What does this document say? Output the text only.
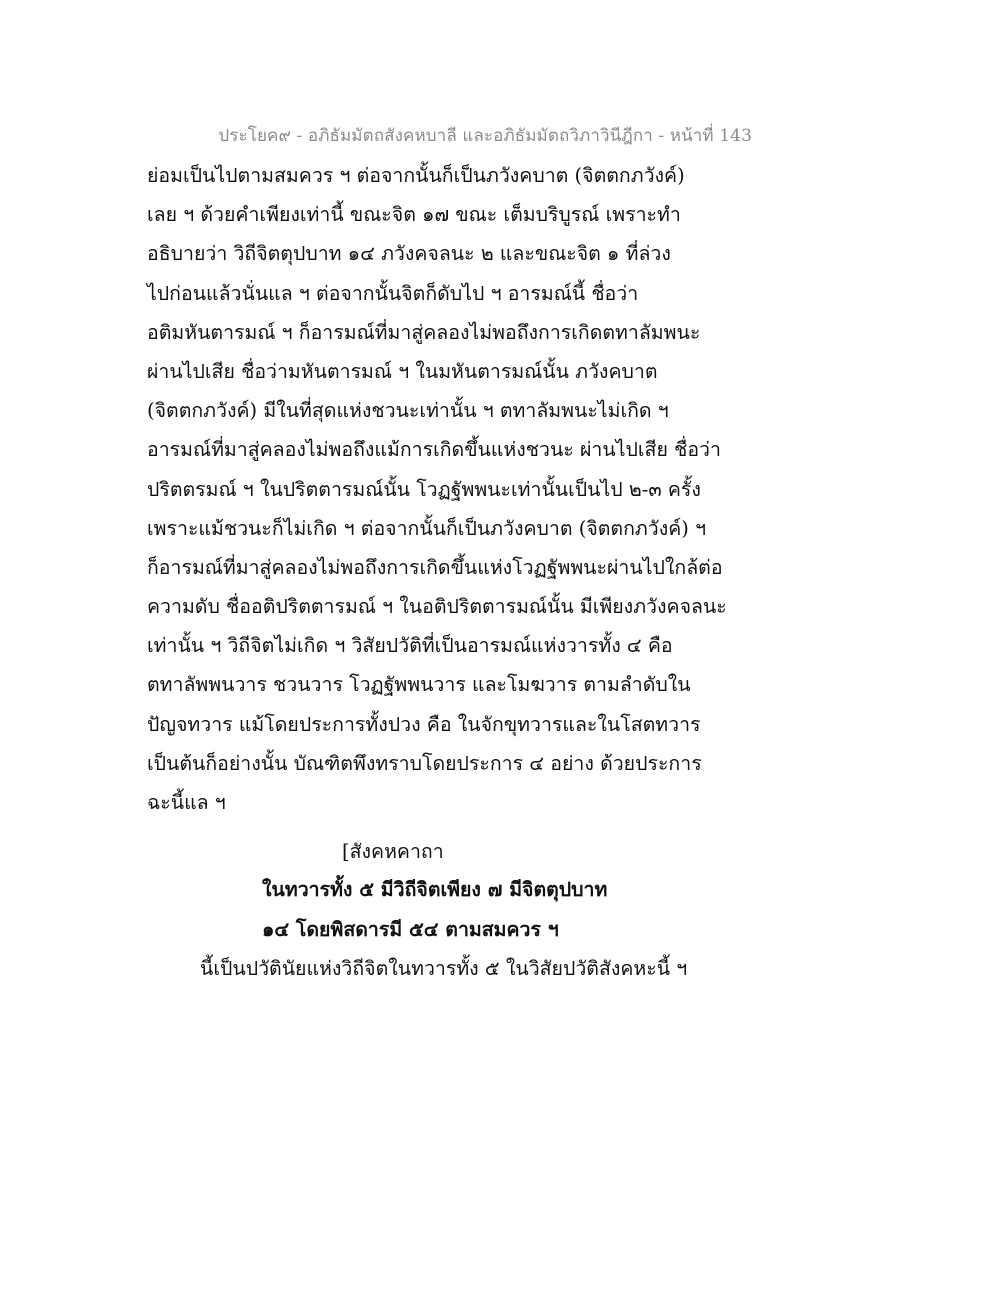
ประโยค๙ - อภิธัมมัตถสังคหบาลี และอภิธัมมัตถวิภาวินีฎีกา - หน้าที่ 143
ย่อมเป็นไปตามสมควร ฯ ต่อจากนั้นก็เป็นภวังคบาต (จิตตกภวังค์)
เลย ฯ ด้วยคำเพียงเท่านี้ ขณะจิต ๑๗ ขณะ เต็มบริบูรณ์ เพราะทำ
อธิบายว่า วิถีจิตตุปบาท ๑๔ ภวังคจลนะ ๒ และขณะจิต ๑ ที่ล่วง
ไปก่อนแล้วนั่นแล ฯ ต่อจากนั้นจิตก็ดับไป ฯ อารมณ์นี้ ชื่อว่า
อติมหันตารมณ์ ฯ ก็อารมณ์ที่มาสู่คลองไม่พอถึงการเกิดตทาลัมพนะ
ผ่านไปเสีย ชื่อว่ามหันตารมณ์ ฯ ในมหันตารมณ์นั้น ภวังคบาต
(จิตตกภวังค์) มีในที่สุดแห่งชวนะเท่านั้น ฯ ตทาลัมพนะไม่เกิด ฯ
อารมณ์ที่มาสู่คลองไม่พอถึงแม้การเกิดขึ้นแห่งชวนะ ผ่านไปเสีย ชื่อว่า
ปริตตรมณ์ ฯ ในปริตตารมณ์นั้น โวฏฐัพพนะเท่านั้นเป็นไป ๒-๓ ครั้ง
เพราะแม้ชวนะก็ไม่เกิด ฯ ต่อจากนั้นก็เป็นภวังคบาต (จิตตกภวังค์) ฯ
ก็อารมณ์ที่มาสู่คลองไม่พอถึงการเกิดขึ้นแห่งโวฏฐัพพนะผ่านไปใกล้ต่อ
ความดับ ชื่ออติปริตตารมณ์ ฯ ในอติปริตตารมณ์นั้น มีเพียงภวังคจลนะ
เท่านั้น ฯ วิถีจิตไม่เกิด ฯ วิสัยปวัติที่เป็นอารมณ์แห่งวารทั้ง ๔ คือ
ตทาลัพพนวาร ชวนวาร โวฏฐัพพนวาร และโมฆวาร ตามลำดับใน
ปัญจทวาร แม้โดยประการทั้งปวง คือ ในจักขุทวารและในโสตทวาร
เป็นต้นก็อย่างนั้น บัณฑิตพึงทราบโดยประการ ๔ อย่าง ด้วยประการ
ฉะนี้แล ฯ
[สังคหคาถา
ในทวารทั้ง ๕ มีวิถีจิตเพียง ๗ มีจิตตุปบาท
๑๔ โดยพิสดารมี ๕๔ ตามสมควร ฯ
นี้เป็นปวัตินัยแห่งวิถีจิตในทวารทั้ง ๕ ในวิสัยปวัติสังคหะนี้ ฯ
